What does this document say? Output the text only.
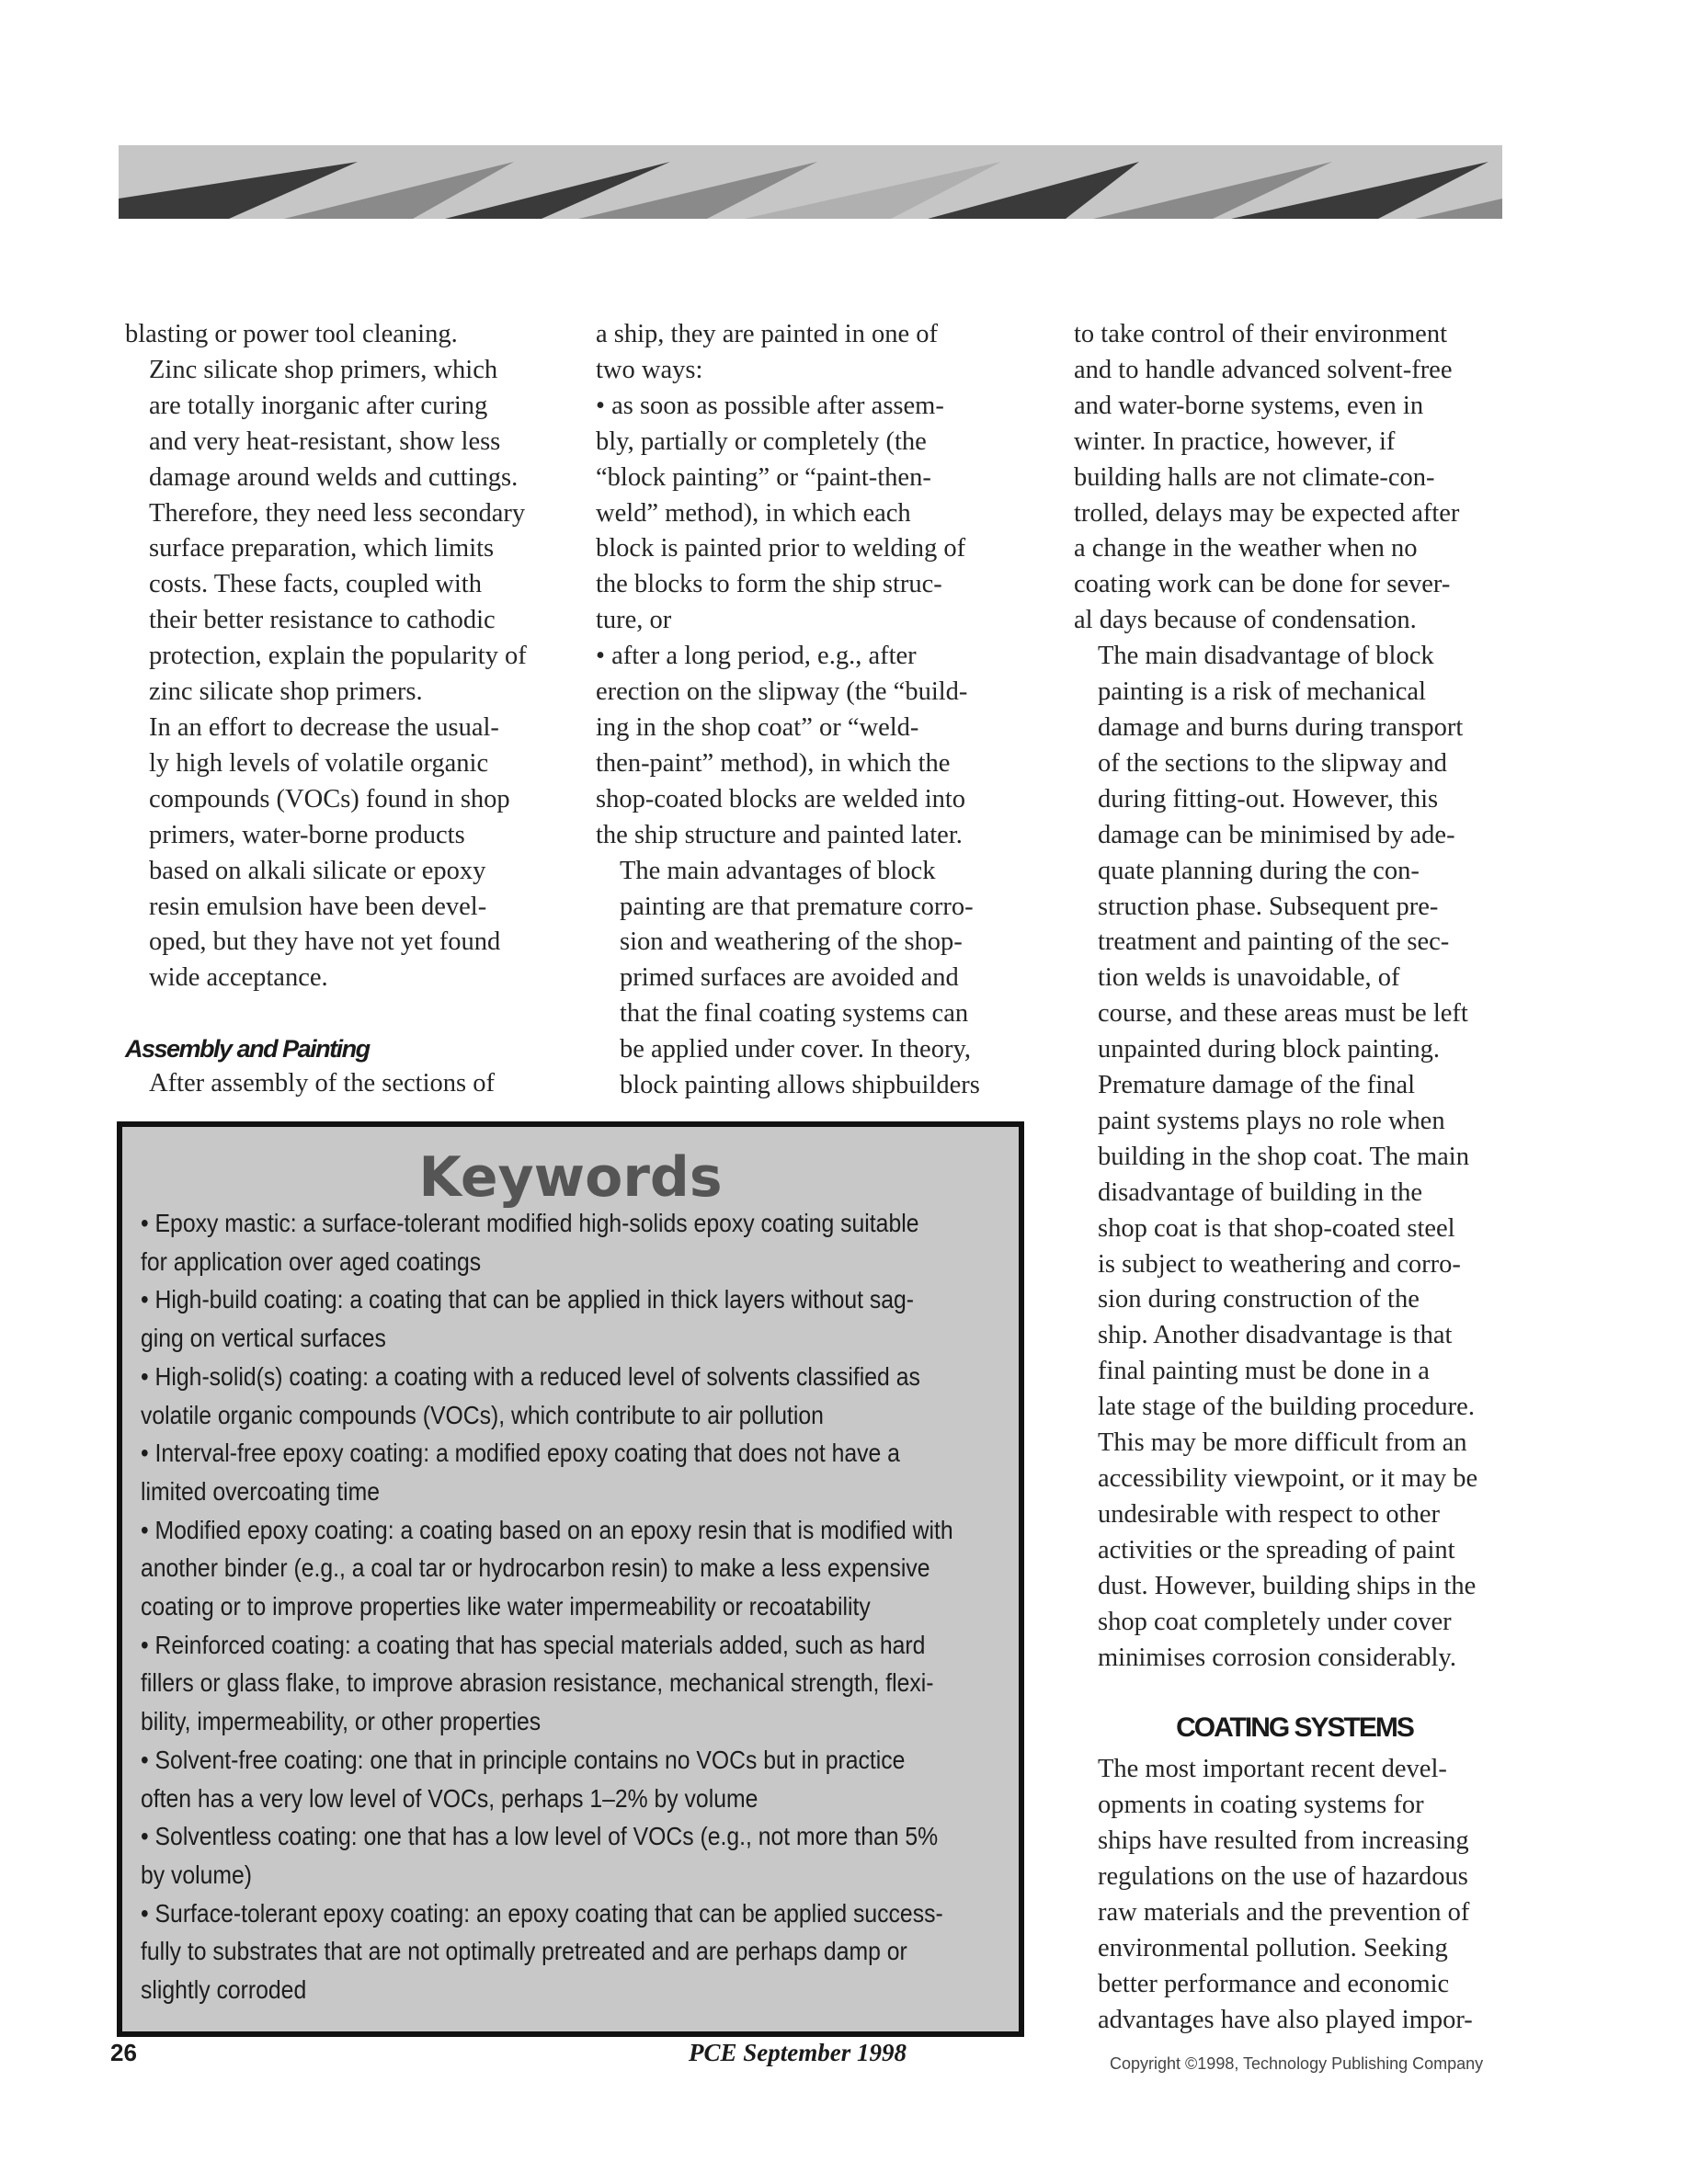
blasting or power tool cleaning.

Zinc silicate shop primers, which
are totally inorganic after curing
and very heat-resistant, show less
damage around welds and cuttings.
Therefore, they need less secondary
surface preparation, which limits
costs. These facts, coupled with
their better resistance to cathodic
protection, explain the popularity of
zinc silicate shop primers.

In an effort to decrease the usual-
ly high levels of volatile organic
compounds (VOCs) found in shop
primers, water-borne products
based on alkali silicate or epoxy
resin emulsion have been devel-
oped, but they have not yet found
wide acceptance.

Assembly and Painting

After assembly of the sections of

a ship, they are painted in one of
two ways:

• as soon as possible after assem-
bly, partially or completely (the
“block painting” or “paint-then-
weld” method), in which each
block is painted prior to welding of
the blocks to form the ship struc-
ture, or

• after a long period, e.g., after
erection on the slipway (the “build-
ing in the shop coat” or “weld-
then-paint” method), in which the
shop-coated blocks are welded into
the ship structure and painted later.

The main advantages of block
painting are that premature corro-
sion and weathering of the shop-
primed surfaces are avoided and
that the final coating systems can
be applied under cover. In theory,
block painting allows shipbuilders

to take control of their environment
and to handle advanced solvent-free
and water-borne systems, even in
winter. In practice, however, if
building halls are not climate-con-
trolled, delays may be expected after
a change in the weather when no
coating work can be done for sever-
al days because of condensation.

The main disadvantage of block
painting is a risk of mechanical
damage and burns during transport
of the sections to the slipway and
during fitting-out. However, this
damage can be minimised by ade-
quate planning during the con-
struction phase. Subsequent pre-
treatment and painting of the sec-
tion welds is unavoidable, of
course, and these areas must be left
unpainted during block painting.

Premature damage of the final
paint systems plays no role when
building in the shop coat. The main
disadvantage of building in the
shop coat is that shop-coated steel
is subject to weathering and corro-
sion during construction of the
ship. Another disadvantage is that
final painting must be done in a
late stage of the building procedure.
This may be more difficult from an
accessibility viewpoint, or it may be
undesirable with respect to other
activities or the spreading of paint
dust. However, building ships in the
shop coat completely under cover
minimises corrosion considerably.

COATING SYSTEMS

The most important recent devel-
opments in coating systems for
ships have resulted from increasing
regulations on the use of hazardous
raw materials and the prevention of
environmental pollution. Seeking
better performance and economic
advantages have also played impor-

Keywords
• Epoxy mastic: a surface-tolerant modified high-solids epoxy coating suitable
for application over aged coatings
• High-build coating: a coating that can be applied in thick layers without sag-
ging on vertical surfaces
• High-solid(s) coating: a coating with a reduced level of solvents classified as
volatile organic compounds (VOCs), which contribute to air pollution
• Interval-free epoxy coating: a modified epoxy coating that does not have a
limited overcoating time
• Modified epoxy coating: a coating based on an epoxy resin that is modified with
another binder (e.g., a coal tar or hydrocarbon resin) to make a less expensive
coating or to improve properties like water impermeability or recoatability
• Reinforced coating: a coating that has special materials added, such as hard
fillers or glass flake, to improve abrasion resistance, mechanical strength, flexi-
bility, impermeability, or other properties
• Solvent-free coating: one that in principle contains no VOCs but in practice
often has a very low level of VOCs, perhaps 1–2% by volume
• Solventless coating: one that has a low level of VOCs (e.g., not more than 5%
by volume)
• Surface-tolerant epoxy coating: an epoxy coating that can be applied success-
fully to substrates that are not optimally pretreated and are perhaps damp or
slightly corroded
26	PCE September 1998	Copyright ©1998, Technology Publishing Company
